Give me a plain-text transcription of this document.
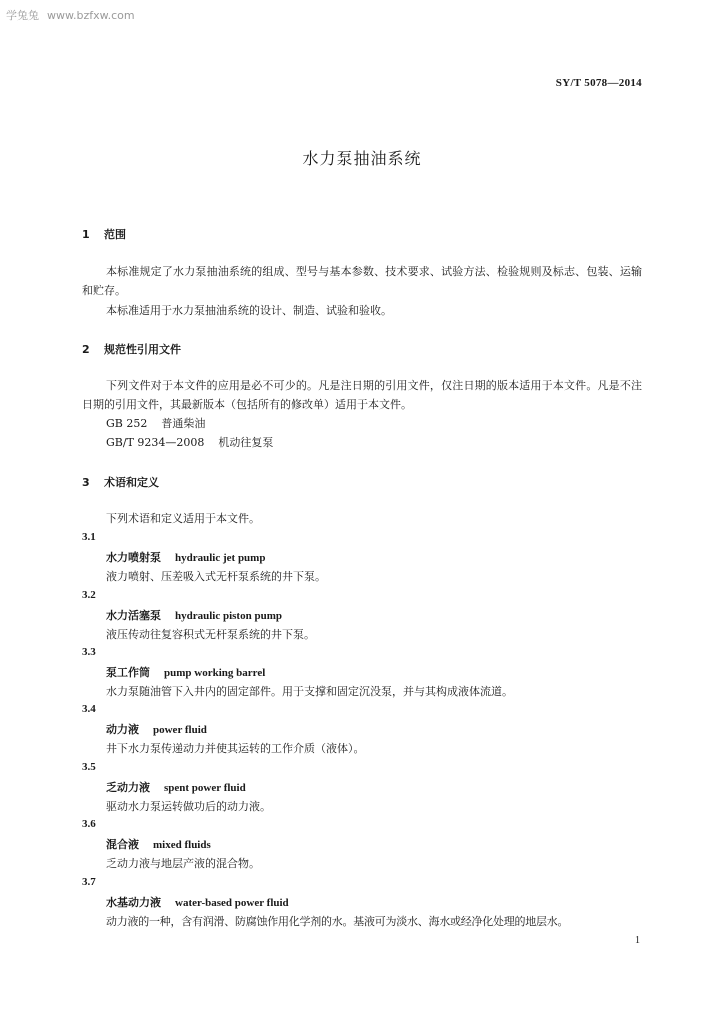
学兔兔 www.bzfxw.com
SY/T 5078—2014
水力泵抽油系统
1 范围
本标准规定了水力泵抽油系统的组成、型号与基本参数、技术要求、试验方法、检验规则及标志、包装、运输和贮存。
本标准适用于水力泵抽油系统的设计、制造、试验和验收。
2 规范性引用文件
下列文件对于本文件的应用是必不可少的。凡是注日期的引用文件，仅注日期的版本适用于本文件。凡是不注日期的引用文件，其最新版本（包括所有的修改单）适用于本文件。
GB 252 普通柴油
GB/T 9234—2008 机动往复泵
3 术语和定义
下列术语和定义适用于本文件。
3.1
水力喷射泵 hydraulic jet pump
液力喷射、压差吸入式无杆泵系统的井下泵。
3.2
水力活塞泵 hydraulic piston pump
液压传动往复容积式无杆泵系统的井下泵。
3.3
泵工作筒 pump working barrel
水力泵随油管下入井内的固定部件。用于支撑和固定沉没泵，并与其构成液体流道。
3.4
动力液 power fluid
井下水力泵传递动力并使其运转的工作介质（液体）。
3.5
乏动力液 spent power fluid
驱动水力泵运转做功后的动力液。
3.6
混合液 mixed fluids
乏动力液与地层产液的混合物。
3.7
水基动力液 water-based power fluid
动力液的一种，含有润滑、防腐蚀作用化学剂的水。基液可为淡水、海水或经净化处理的地层水。
1
